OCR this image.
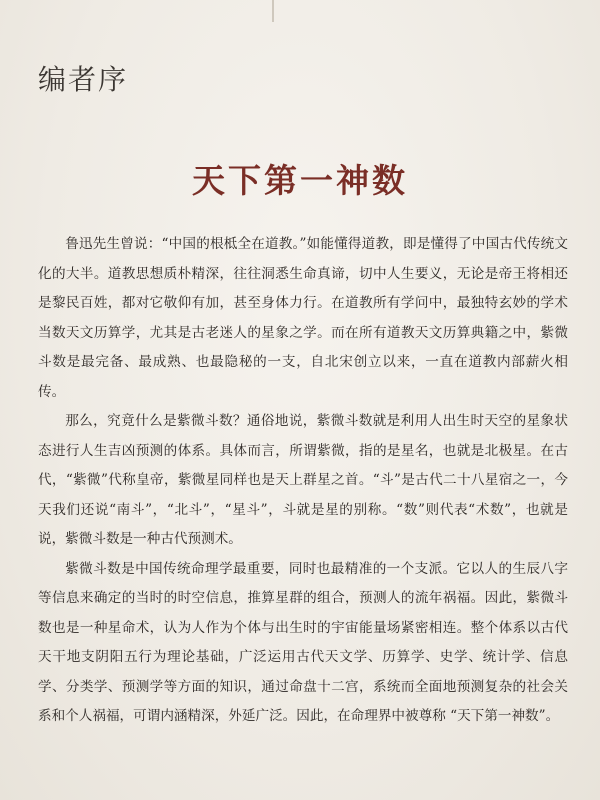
编者序

天下第一神数

鲁迅先生曾说：“中国的根柢全在道教。”如能懂得道教，即是懂得了中国古代传统文化的大半。道教思想质朴精深，往往洞悉生命真谛，切中人生要义，无论是帝王将相还是黎民百姓，都对它敬仰有加，甚至身体力行。在道教所有学问中，最独特玄妙的学术当数天文历算学，尤其是古老迷人的星象之学。而在所有道教天文历算典籍之中，紫微斗数是最完备、最成熟、也最隐秘的一支，自北宋创立以来，一直在道教内部薪火相传。

那么，究竟什么是紫微斗数？通俗地说，紫微斗数就是利用人出生时天空的星象状态进行人生吉凶预测的体系。具体而言，所谓紫微，指的是星名，也就是北极星。在古代，“紫微”代称皇帝，紫微星同样也是天上群星之首。“斗”是古代二十八星宿之一，今天我们还说“南斗”，“北斗”，“星斗”，斗就是星的别称。“数”则代表“术数”，也就是说，紫微斗数是一种古代预测术。

紫微斗数是中国传统命理学最重要，同时也最精准的一个支派。它以人的生辰八字等信息来确定的当时的时空信息，推算星群的组合，预测人的流年祸福。因此，紫微斗数也是一种星命术，认为人作为个体与出生时的宇宙能量场紧密相连。整个体系以古代天干地支阴阳五行为理论基础，广泛运用古代天文学、历算学、史学、统计学、信息学、分类学、预测学等方面的知识，通过命盘十二宫，系统而全面地预测复杂的社会关系和个人祸福，可谓内涵精深，外延广泛。因此，在命理界中被尊称 “天下第一神数”。
